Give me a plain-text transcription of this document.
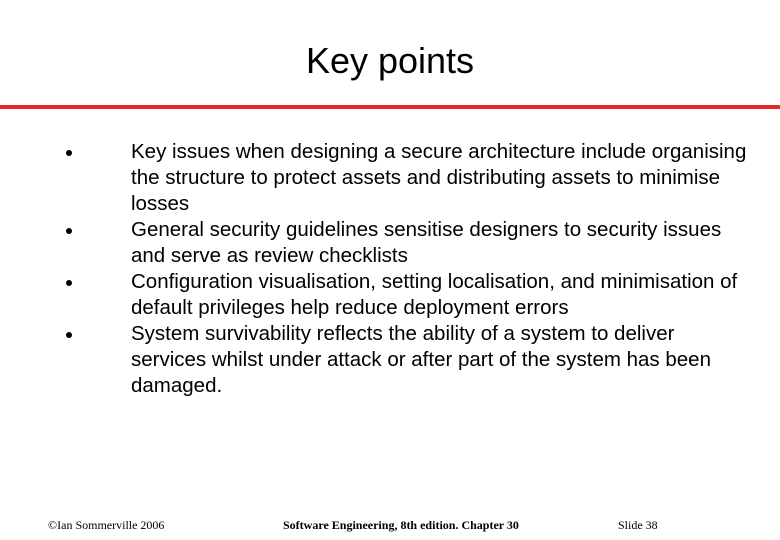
Key points
Key issues when designing a secure architecture include organising the structure to protect assets and distributing assets to minimise losses
General security guidelines sensitise designers to security issues and serve as review checklists
Configuration visualisation, setting localisation, and minimisation of default privileges help reduce deployment errors
System survivability reflects the ability of a system to deliver services whilst under attack or after part of the system has been damaged.
©Ian Sommerville 2006	Software Engineering, 8th edition. Chapter 30	Slide 38
